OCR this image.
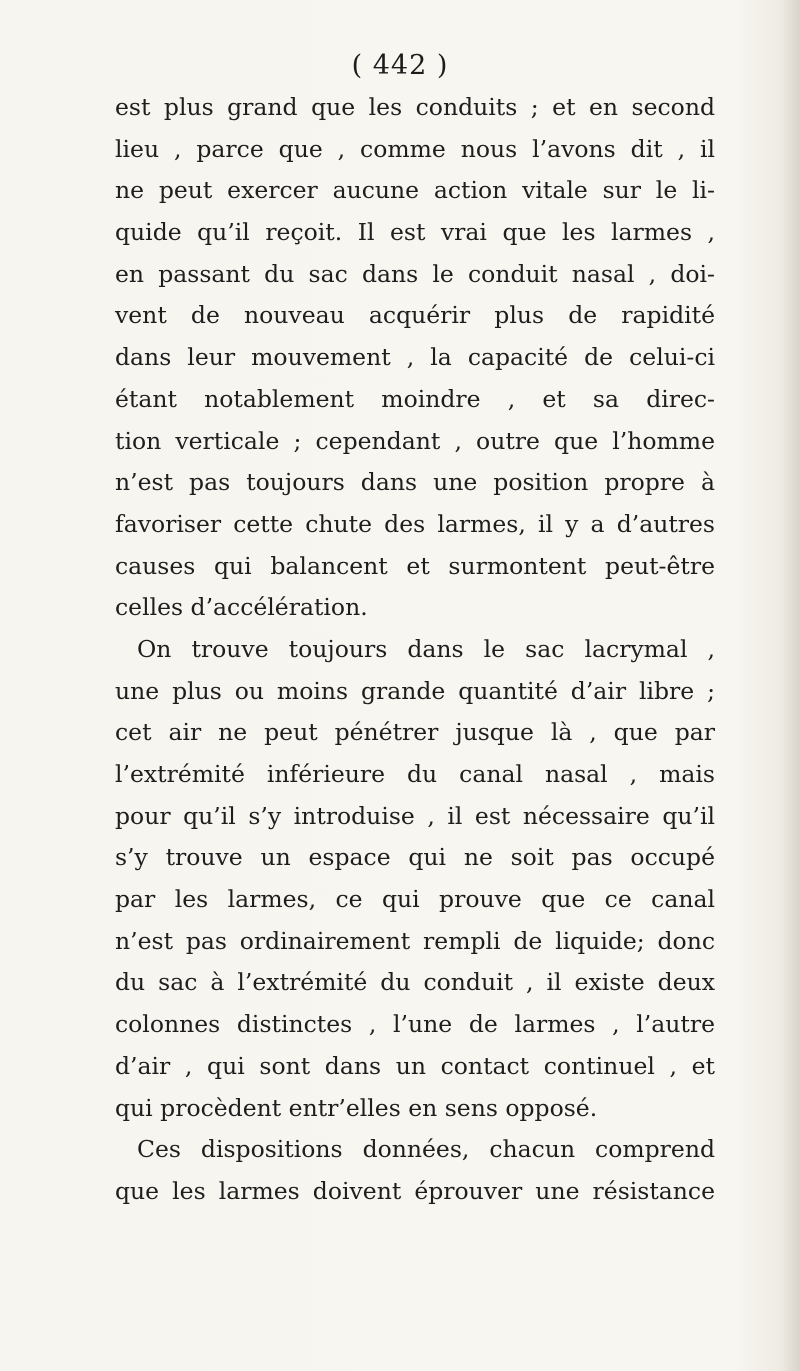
( 442 )

est plus grand que les conduits ; et en second
lieu , parce que , comme nous l’avons dit , il
ne peut exercer aucune action vitale sur le li-
quide qu’il reçoit. Il est vrai que les larmes ,
en passant du sac dans le conduit nasal , doi-
vent de nouveau acquérir plus de rapidité
dans leur mouvement , la capacité de celui-ci
étant notablement moindre , et sa direc-
tion verticale ; cependant , outre que l’homme
n’est pas toujours dans une position propre à
favoriser cette chute des larmes, il y a d’autres
causes qui balancent et surmontent peut-être
celles d’accélération.
On trouve toujours dans le sac lacrymal ,
une plus ou moins grande quantité d’air libre ;
cet air ne peut pénétrer jusque là , que par
l’extrémité inférieure du canal nasal , mais
pour qu’il s’y introduise , il est nécessaire qu’il
s’y trouve un espace qui ne soit pas occupé
par les larmes, ce qui prouve que ce canal
n’est pas ordinairement rempli de liquide; donc
du sac à l’extrémité du conduit , il existe deux
colonnes distinctes , l’une de larmes , l’autre
d’air , qui sont dans un contact continuel , et
qui procèdent entr’elles en sens opposé.
Ces dispositions données, chacun comprend
que les larmes doivent éprouver une résistance
